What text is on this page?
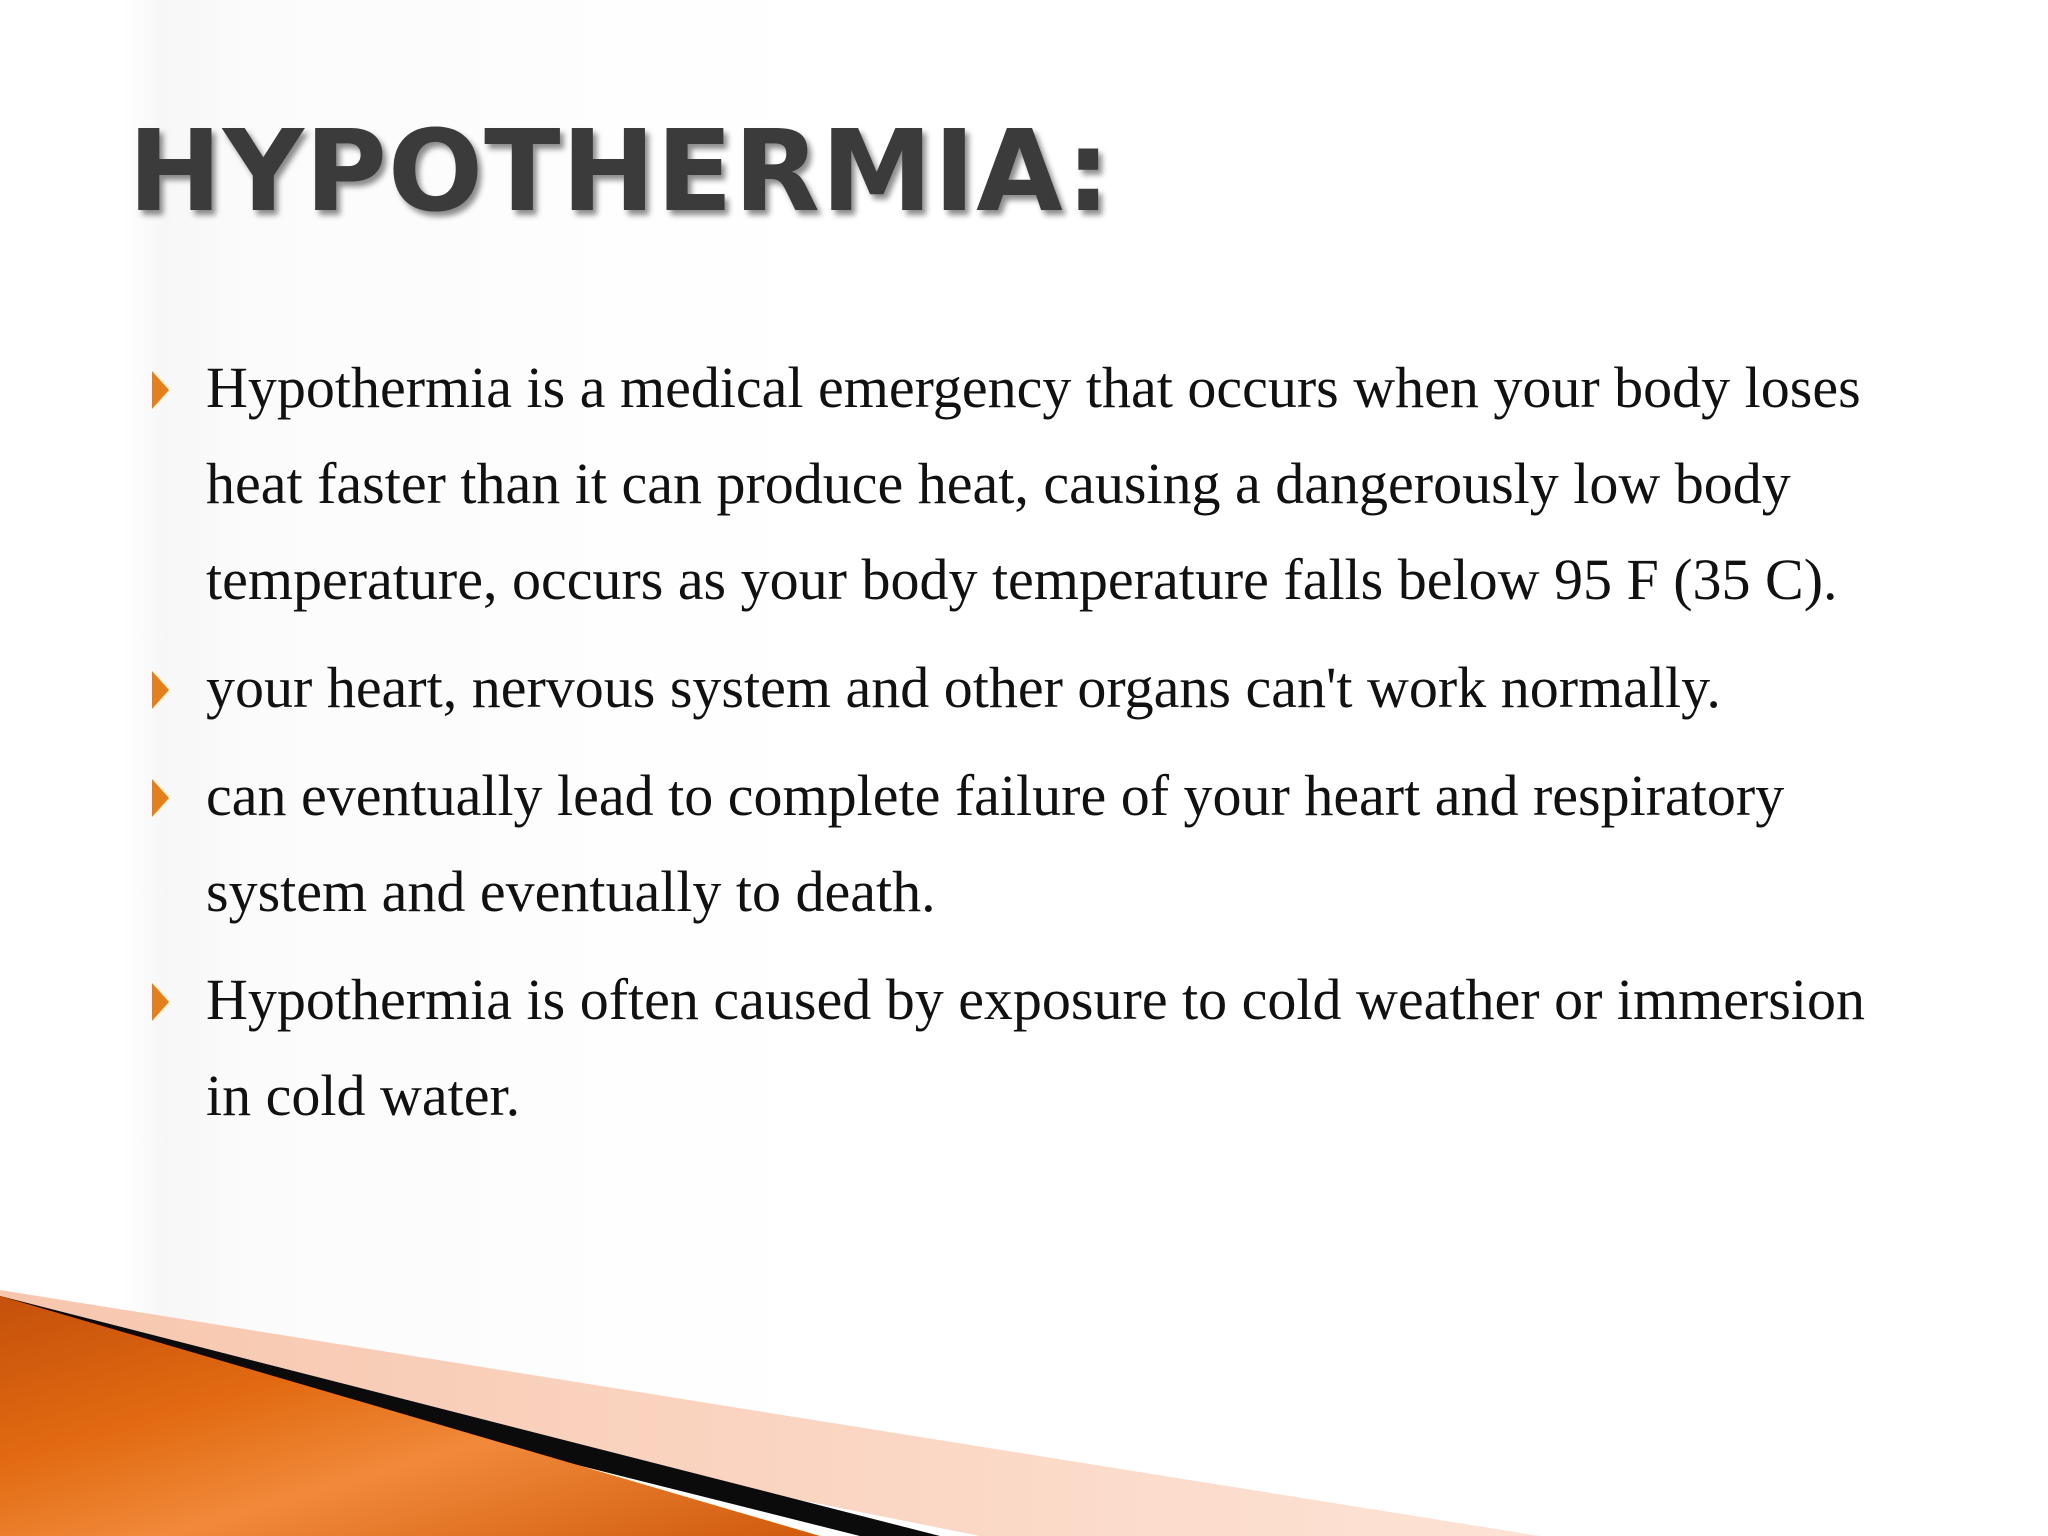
HYPOTHERMIA:
Hypothermia is a medical emergency that occurs when your body loses heat faster than it can produce heat, causing a dangerously low body temperature, occurs as your body temperature falls below 95 F (35 C).
your heart, nervous system and other organs can't work normally.
can eventually lead to complete failure of your heart and respiratory system and eventually to death.
Hypothermia is often caused by exposure to cold weather or immersion in cold water.
